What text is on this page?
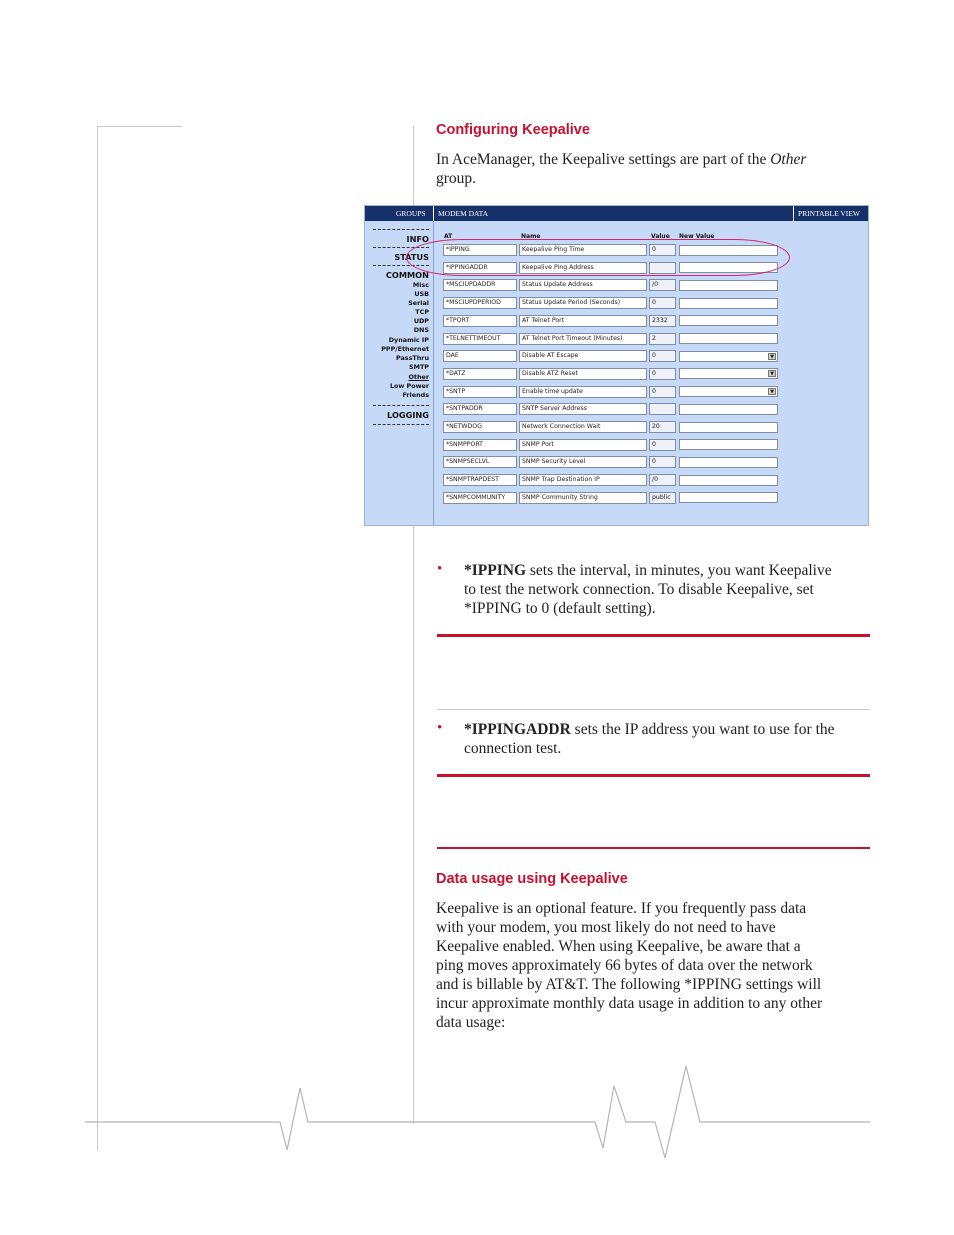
Configuring Keepalive
In AceManager, the Keepalive settings are part of the Other
group.
GROUPS MODEM DATA	PRINTABLE VIEW
INFO
STATUS
COMMON
Misc
USB
Serial
TCP
UDP
DNS
Dynamic IP
PPP/Ethernet
PassThru
SMTP
Other
Low Power
Friends
LOGGING
AT	Name	Value New Value
*IPPING	Keepalive Ping Time	0
*IPPINGADDR	Keepalive Ping Address
*MSCIUPDADDR	Status Update Address	/0
*MSCIUPDPERIOD	Status Update Period (Seconds)	0
*TPORT	AT Telnet Port	2332
*TELNETTIMEOUT	AT Telnet Port Timeout (Minutes)	2
DAE	Disable AT Escape	0	▼
*DATZ	Disable ATZ Reset	0	▼
*SNTP	Enable time update	0	▼
*SNTPADDR	SNTP Server Address
*NETWDOG	Network Connection Wait	20
*SNMPPORT	SNMP Port	0
*SNMPSECLVL	SNMP Security Level	0
*SNMPTRAPDEST	SNMP Trap Destination IP	/0
*SNMPCOMMUNITY	SNMP Community String	public
• *IPPING sets the interval, in minutes, you want Keepalive
to test the network connection. To disable Keepalive, set
*IPPING to 0 (default setting).
• *IPPINGADDR sets the IP address you want to use for the
connection test.
Data usage using Keepalive
Keepalive is an optional feature. If you frequently pass data
with your modem, you most likely do not need to have
Keepalive enabled. When using Keepalive, be aware that a
ping moves approximately 66 bytes of data over the network
and is billable by AT&T. The following *IPPING settings will
incur approximate monthly data usage in addition to any other
data usage:
